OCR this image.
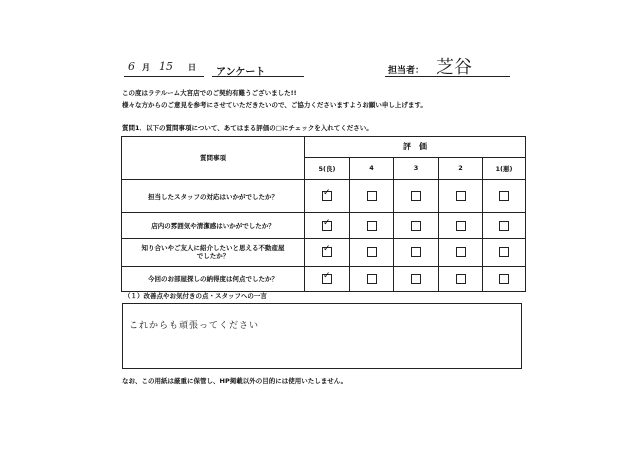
6 月 15 日 アンケート	担当者： 芝谷
この度はラテルーム大宮店でのご契約有難うございました!!
様々な方からのご意見を参考にさせていただきたいので、ご協力くださいますようお願い申し上げます。
質問1．以下の質問事項について、あてはまる評価の□にチェックを入れてください。
質問事項	評　価				
	5(良)	4	3	2	1(悪)
担当したスタッフの対応はいかがでしたか？	✓				
店内の雰囲気や清潔感はいかがでしたか？	✓				
知り合いやご友人に紹介したいと思える不動産屋
でしたか？	✓				
今回のお部屋探しの納得度は何点でしたか？	✓				
（１）改善点やお気付きの点・スタッフへの一言
これからも頑張ってください
なお、この用紙は厳重に保管し、HP掲載以外の目的には使用いたしません。
